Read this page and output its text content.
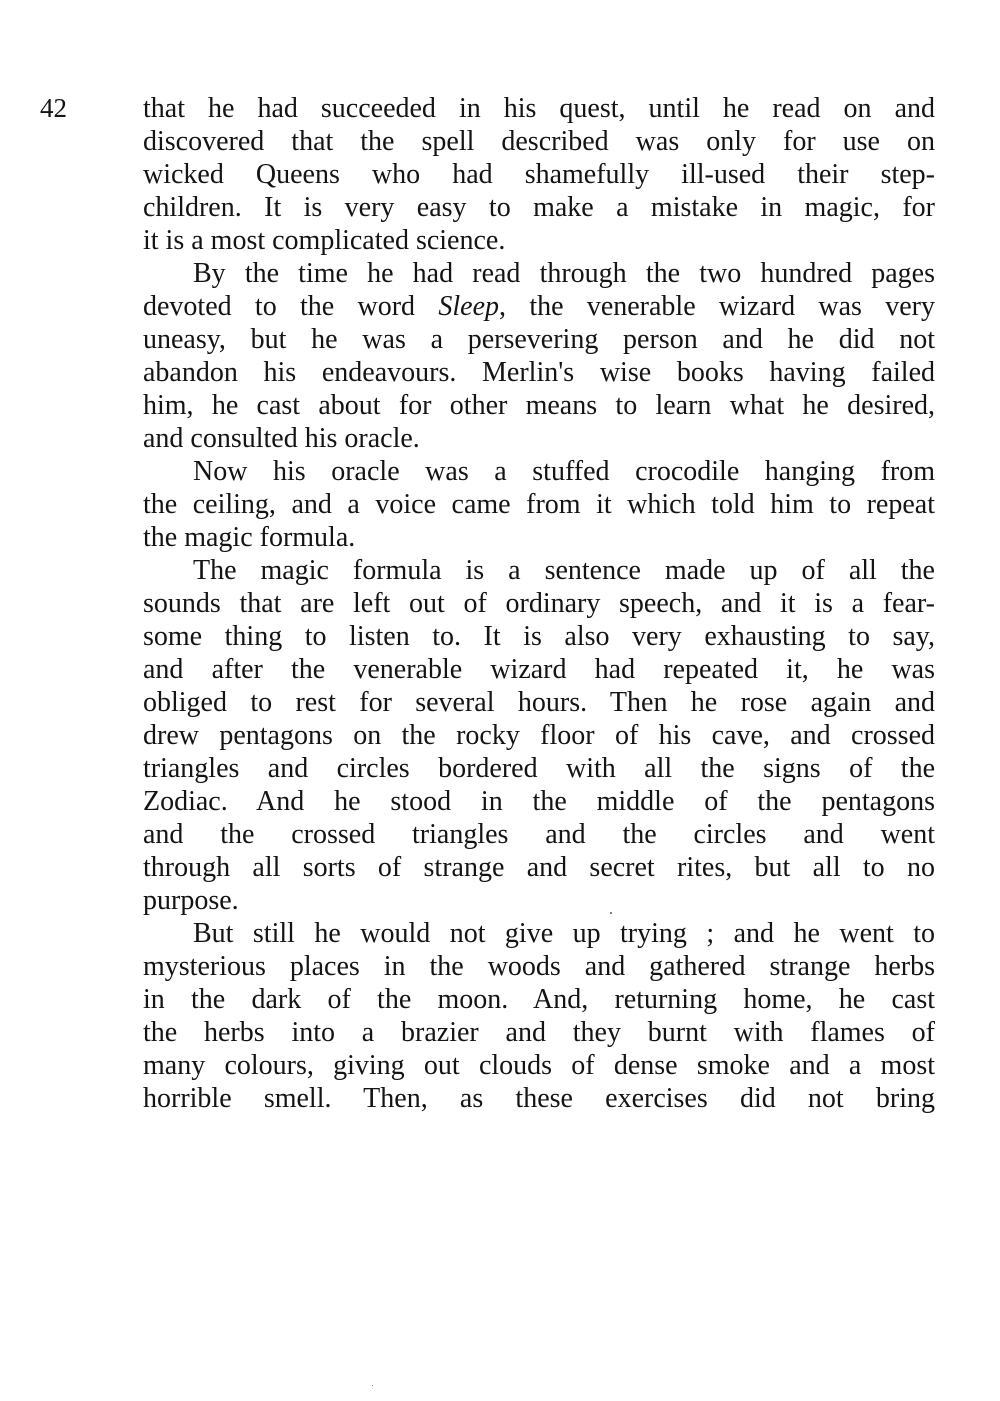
42	that he had succeeded in his quest, until he read on and
discovered that the spell described was only for use on
wicked Queens who had shamefully ill-used their step-
children. It is very easy to make a mistake in magic, for
it is a most complicated science.

By the time he had read through the two hundred pages
devoted to the word Sleep, the venerable wizard was very
uneasy, but he was a persevering person and he did not
abandon his endeavours. Merlin's wise books having failed
him, he cast about for other means to learn what he desired,
and consulted his oracle.

Now his oracle was a stuffed crocodile hanging from
the ceiling, and a voice came from it which told him to repeat
the magic formula.

The magic formula is a sentence made up of all the
sounds that are left out of ordinary speech, and it is a fear-
some thing to listen to. It is also very exhausting to say,
and after the venerable wizard had repeated it, he was
obliged to rest for several hours. Then he rose again and
drew pentagons on the rocky floor of his cave, and crossed
triangles and circles bordered with all the signs of the
Zodiac. And he stood in the middle of the pentagons
and the crossed triangles and the circles and went
through all sorts of strange and secret rites, but all to no
purpose.

But still he would not give up trying ; and he went to
mysterious places in the woods and gathered strange herbs
in the dark of the moon. And, returning home, he cast
the herbs into a brazier and they burnt with flames of
many colours, giving out clouds of dense smoke and a most
horrible smell. Then, as these exercises did not bring
